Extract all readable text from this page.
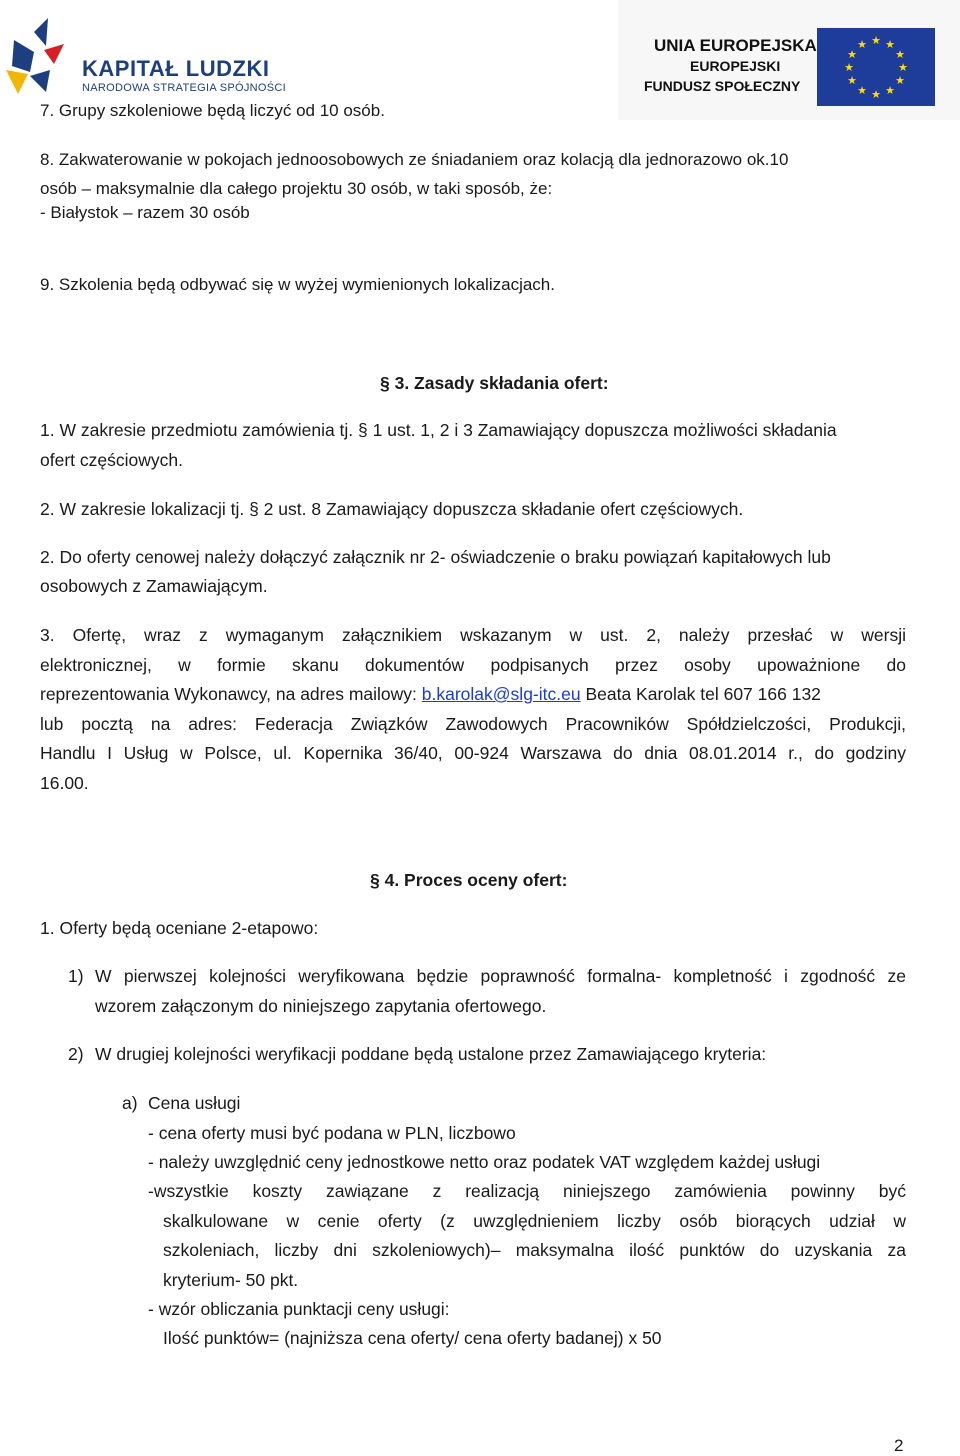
KAPITAŁ LUDZKI
NARODOWA STRATEGIA SPÓJNOŚCI
UNIA EUROPEJSKA
EUROPEJSKI
FUNDUSZ SPOŁECZNY
★ ★
★
★
★
★
★
★
★
★
★
★
7. Grupy szkoleniowe będą liczyć od 10 osób.
8. Zakwaterowanie w pokojach jednoosobowych ze śniadaniem oraz kolacją dla jednorazowo ok.10
osób – maksymalnie dla całego projektu 30 osób, w taki sposób, że:
- Białystok – razem 30 osób
9. Szkolenia będą odbywać się w wyżej wymienionych lokalizacjach.
§ 3. Zasady składania ofert:
1. W zakresie przedmiotu zamówienia tj. § 1 ust. 1, 2 i 3 Zamawiający dopuszcza możliwości składania
ofert częściowych.
2. W zakresie lokalizacji tj. § 2 ust. 8 Zamawiający dopuszcza składanie ofert częściowych.
2. Do oferty cenowej należy dołączyć załącznik nr 2- oświadczenie o braku powiązań kapitałowych lub
osobowych z Zamawiającym.
3. Ofertę, wraz z wymaganym załącznikiem wskazanym w ust. 2, należy przesłać w wersji
elektronicznej, w formie skanu dokumentów podpisanych przez osoby upoważnione do
reprezentowania Wykonawcy, na adres mailowy: b.karolak@slg-itc.eu Beata Karolak tel 607 166 132
lub pocztą na adres: Federacja Związków Zawodowych Pracowników Spółdzielczości, Produkcji,
Handlu I Usług w Polsce, ul. Kopernika 36/40, 00-924 Warszawa do dnia 08.01.2014 r., do godziny
16.00.
§ 4. Proces oceny ofert:
1. Oferty będą oceniane 2-etapowo:
1) W pierwszej kolejności weryfikowana będzie poprawność formalna- kompletność i zgodność ze
wzorem załączonym do niniejszego zapytania ofertowego.
2) W drugiej kolejności weryfikacji poddane będą ustalone przez Zamawiającego kryteria:
a) Cena usługi
- cena oferty musi być podana w PLN, liczbowo
- należy uwzględnić ceny jednostkowe netto oraz podatek VAT względem każdej usługi
-wszystkie koszty zawiązane z realizacją niniejszego zamówienia powinny być
skalkulowane w cenie oferty (z uwzględnieniem liczby osób biorących udział w
szkoleniach, liczby dni szkoleniowych)– maksymalna ilość punktów do uzyskania za
kryterium- 50 pkt.
- wzór obliczania punktacji ceny usługi:
Ilość punktów= (najniższa cena oferty/ cena oferty badanej) x 50
2
